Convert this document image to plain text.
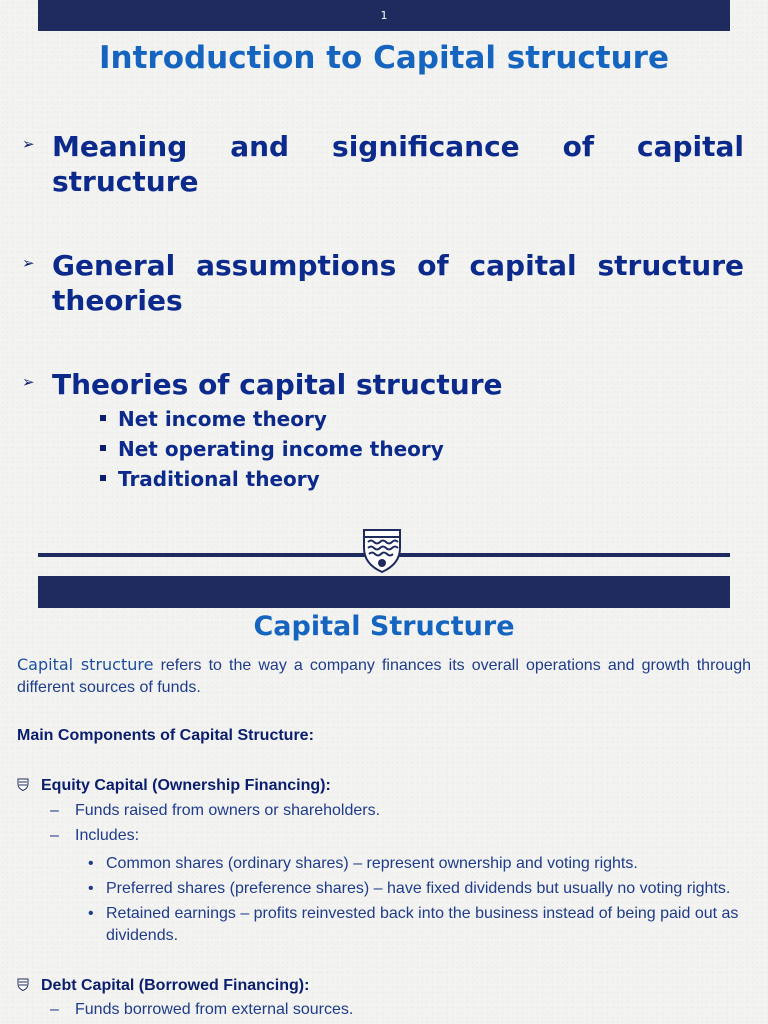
1
Introduction to Capital structure
➢ Meaning and significance of capital structure
➢ General assumptions of capital structure theories
➢ Theories of capital structure
Net income theory
Net operating income theory
Traditional theory
Capital Structure
Capital structure refers to the way a company finances its overall operations and growth through different sources of funds.
Main Components of Capital Structure:
Equity Capital (Ownership Financing):
– Funds raised from owners or shareholders.
– Includes:
• Common shares (ordinary shares) – represent ownership and voting rights.
• Preferred shares (preference shares) – have fixed dividends but usually no voting rights.
• Retained earnings – profits reinvested back into the business instead of being paid out as dividends.
Debt Capital (Borrowed Financing):
– Funds borrowed from external sources.
